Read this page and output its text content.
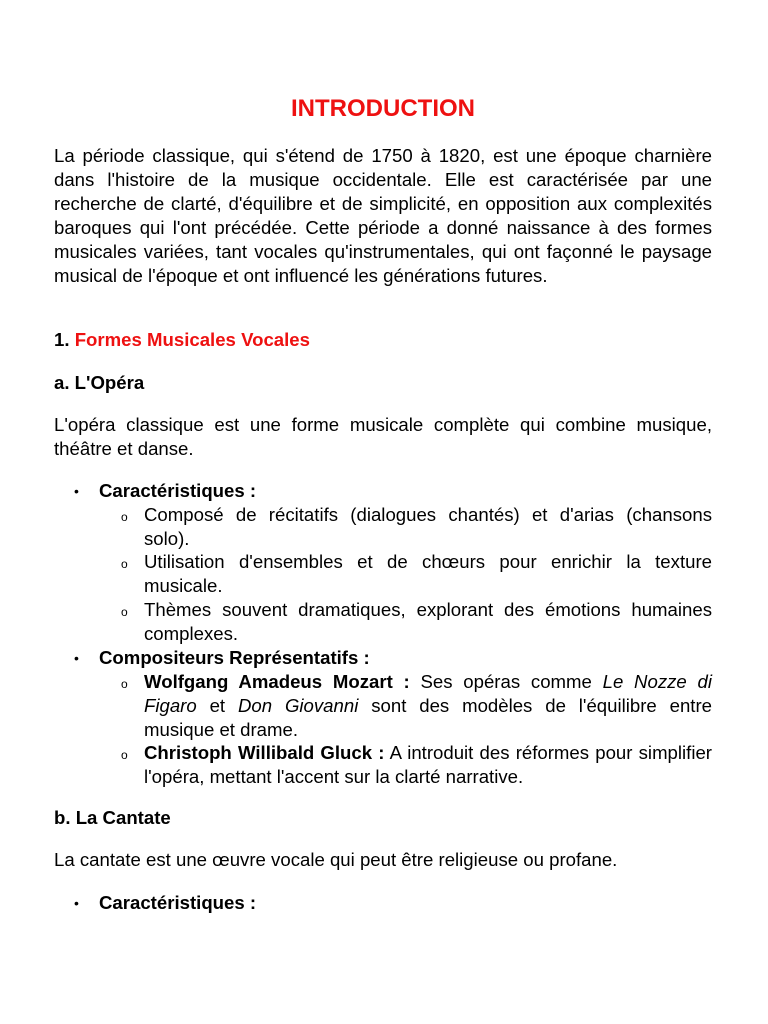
INTRODUCTION

La période classique, qui s'étend de 1750 à 1820, est une époque charnière dans l'histoire de la musique occidentale. Elle est caractérisée par une recherche de clarté, d'équilibre et de simplicité, en opposition aux complexités baroques qui l'ont précédée. Cette période a donné naissance à des formes musicales variées, tant vocales qu'instrumentales, qui ont façonné le paysage musical de l'époque et ont influencé les générations futures.

1. Formes Musicales Vocales
a. L'Opéra

L'opéra classique est une forme musicale complète qui combine musique, théâtre et danse.

• Caractéristiques :
o Composé de récitatifs (dialogues chantés) et d'arias (chansons solo).
o Utilisation d'ensembles et de chœurs pour enrichir la texture musicale.
o Thèmes souvent dramatiques, explorant des émotions humaines complexes.
• Compositeurs Représentatifs :
o Wolfgang Amadeus Mozart : Ses opéras comme Le Nozze di Figaro et Don Giovanni sont des modèles de l'équilibre entre musique et drame.
o Christoph Willibald Gluck : A introduit des réformes pour simplifier l'opéra, mettant l'accent sur la clarté narrative.
b. La Cantate

La cantate est une œuvre vocale qui peut être religieuse ou profane.

• Caractéristiques :
